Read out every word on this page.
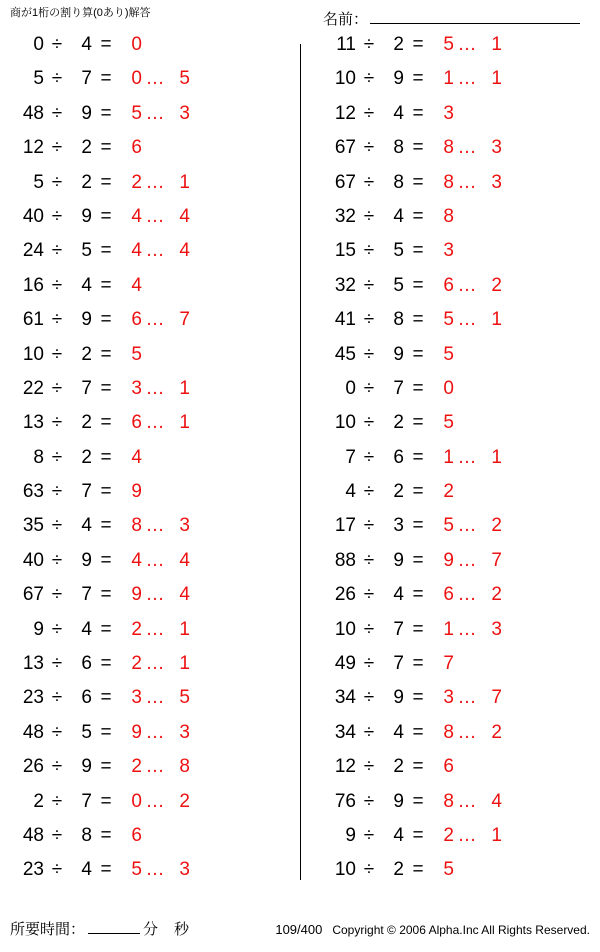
商が1桁の割り算(0あり)解答	名前：
0 ÷	4 =	0
5 ÷	7 =	0 … 5
48 ÷	9 =	5 … 3
12 ÷	2 =	6
5 ÷	2 =	2 … 1
40 ÷	9 =	4 … 4
24 ÷	5 =	4 … 4
16 ÷	4 =	4
61 ÷	9 =	6 … 7
10 ÷	2 =	5
22 ÷	7 =	3 … 1
13 ÷	2 =	6 … 1
8 ÷	2 =	4
63 ÷	7 =	9
35 ÷	4 =	8 … 3
40 ÷	9 =	4 … 4
67 ÷	7 =	9 … 4
9 ÷	4 =	2 … 1
13 ÷	6 =	2 … 1
23 ÷	6 =	3 … 5
48 ÷	5 =	9 … 3
26 ÷	9 =	2 … 8
2 ÷	7 =	0 … 2
48 ÷	8 =	6
23 ÷	4 =	5 … 3
11 ÷	2 =	5 … 1
10 ÷	9 =	1 … 1
12 ÷	4 =	3
67 ÷	8 =	8 … 3
67 ÷	8 =	8 … 3
32 ÷	4 =	8
15 ÷	5 =	3
32 ÷	5 =	6 … 2
41 ÷	8 =	5 … 1
45 ÷	9 =	5
0 ÷	7 =	0
10 ÷	2 =	5
7 ÷	6 =	1 … 1
4 ÷	2 =	2
17 ÷	3 =	5 … 2
88 ÷	9 =	9 … 7
26 ÷	4 =	6 … 2
10 ÷	7 =	1 … 3
49 ÷	7 =	7
34 ÷	9 =	3 … 7
34 ÷	4 =	8 … 2
12 ÷	2 =	6
76 ÷	9 =	8 … 4
9 ÷	4 =	2 … 1
10 ÷	2 =	5
所要時間：	分 秒	109/400 Copyright © 2006 Alpha.Inc All Rights Reserved.
